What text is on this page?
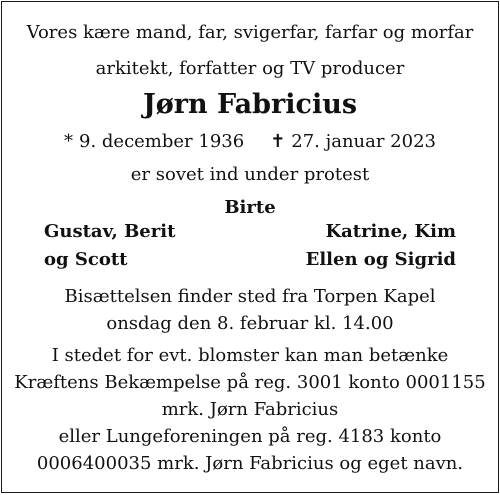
Vores kære mand, far, svigerfar, farfar og morfar
arkitekt, forfatter og TV producer
Jørn Fabricius
* 9. december 1936 ✝ 27. januar 2023
er sovet ind under protest
Birte
Gustav, Berit
og Scott
Katrine, Kim
Ellen og Sigrid
Bisættelsen finder sted fra Torpen Kapel
onsdag den 8. februar kl. 14.00
I stedet for evt. blomster kan man betænke
Kræftens Bekæmpelse på reg. 3001 konto 0001155
mrk. Jørn Fabricius
eller Lungeforeningen på reg. 4183 konto
0006400035 mrk. Jørn Fabricius og eget navn.
